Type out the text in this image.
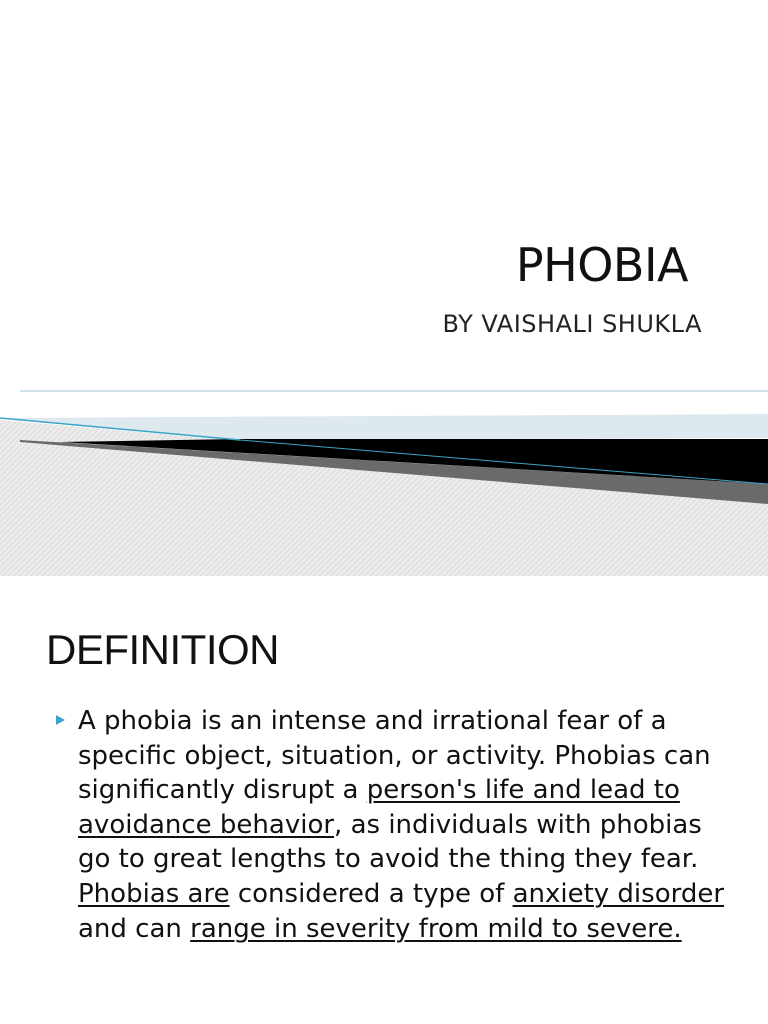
PHOBIA

BY VAISHALI SHUKLA

DEFINITION

A phobia is an intense and irrational fear of a specific object, situation, or activity. Phobias can significantly disrupt a person's life and lead to avoidance behavior, as individuals with phobias go to great lengths to avoid the thing they fear. Phobias are considered a type of anxiety disorder and can range in severity from mild to severe.
